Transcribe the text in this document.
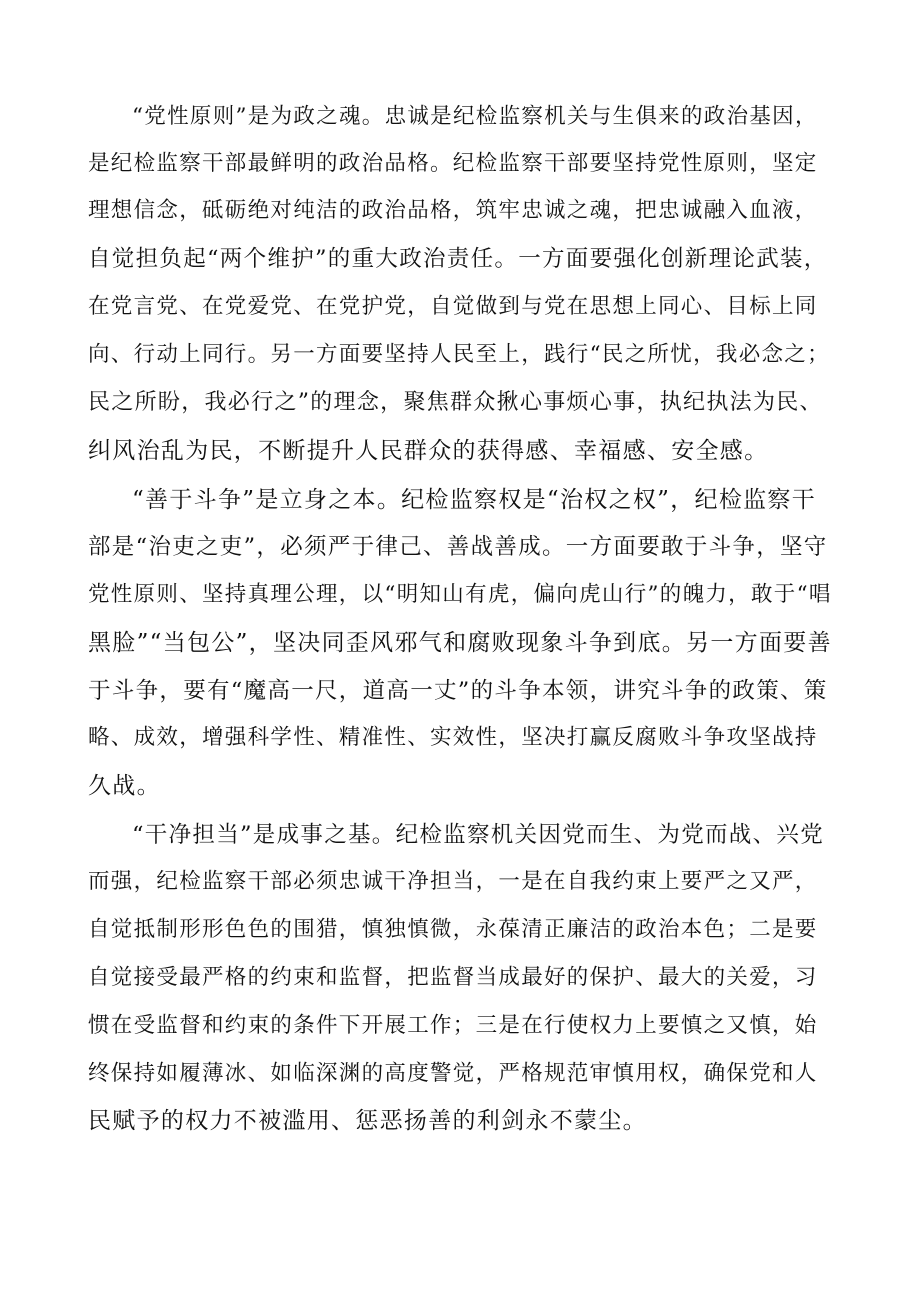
“党性原则”是为政之魂。忠诚是纪检监察机关与生俱来的政治基因，

是纪检监察干部最鲜明的政治品格。纪检监察干部要坚持党性原则，坚定

理想信念，砥砺绝对纯洁的政治品格，筑牢忠诚之魂，把忠诚融入血液，

自觉担负起“两个维护”的重大政治责任。一方面要强化创新理论武装，

在党言党、在党爱党、在党护党，自觉做到与党在思想上同心、目标上同

向、行动上同行。另一方面要坚持人民至上，践行“民之所忧，我必念之；

民之所盼，我必行之”的理念，聚焦群众揪心事烦心事，执纪执法为民、

纠风治乱为民，不断提升人民群众的获得感、幸福感、安全感。

“善于斗争”是立身之本。纪检监察权是“治权之权”，纪检监察干

部是“治吏之吏”，必须严于律己、善战善成。一方面要敢于斗争，坚守

党性原则、坚持真理公理，以“明知山有虎，偏向虎山行”的魄力，敢于“唱

黑脸”“当包公”，坚决同歪风邪气和腐败现象斗争到底。另一方面要善

于斗争，要有“魔高一尺，道高一丈”的斗争本领，讲究斗争的政策、策

略、成效，增强科学性、精准性、实效性，坚决打赢反腐败斗争攻坚战持

久战。

“干净担当”是成事之基。纪检监察机关因党而生、为党而战、兴党

而强，纪检监察干部必须忠诚干净担当，一是在自我约束上要严之又严，

自觉抵制形形色色的围猎，慎独慎微，永葆清正廉洁的政治本色；二是要

自觉接受最严格的约束和监督，把监督当成最好的保护、最大的关爱，习

惯在受监督和约束的条件下开展工作；三是在行使权力上要慎之又慎，始

终保持如履薄冰、如临深渊的高度警觉，严格规范审慎用权，确保党和人

民赋予的权力不被滥用、惩恶扬善的利剑永不蒙尘。
